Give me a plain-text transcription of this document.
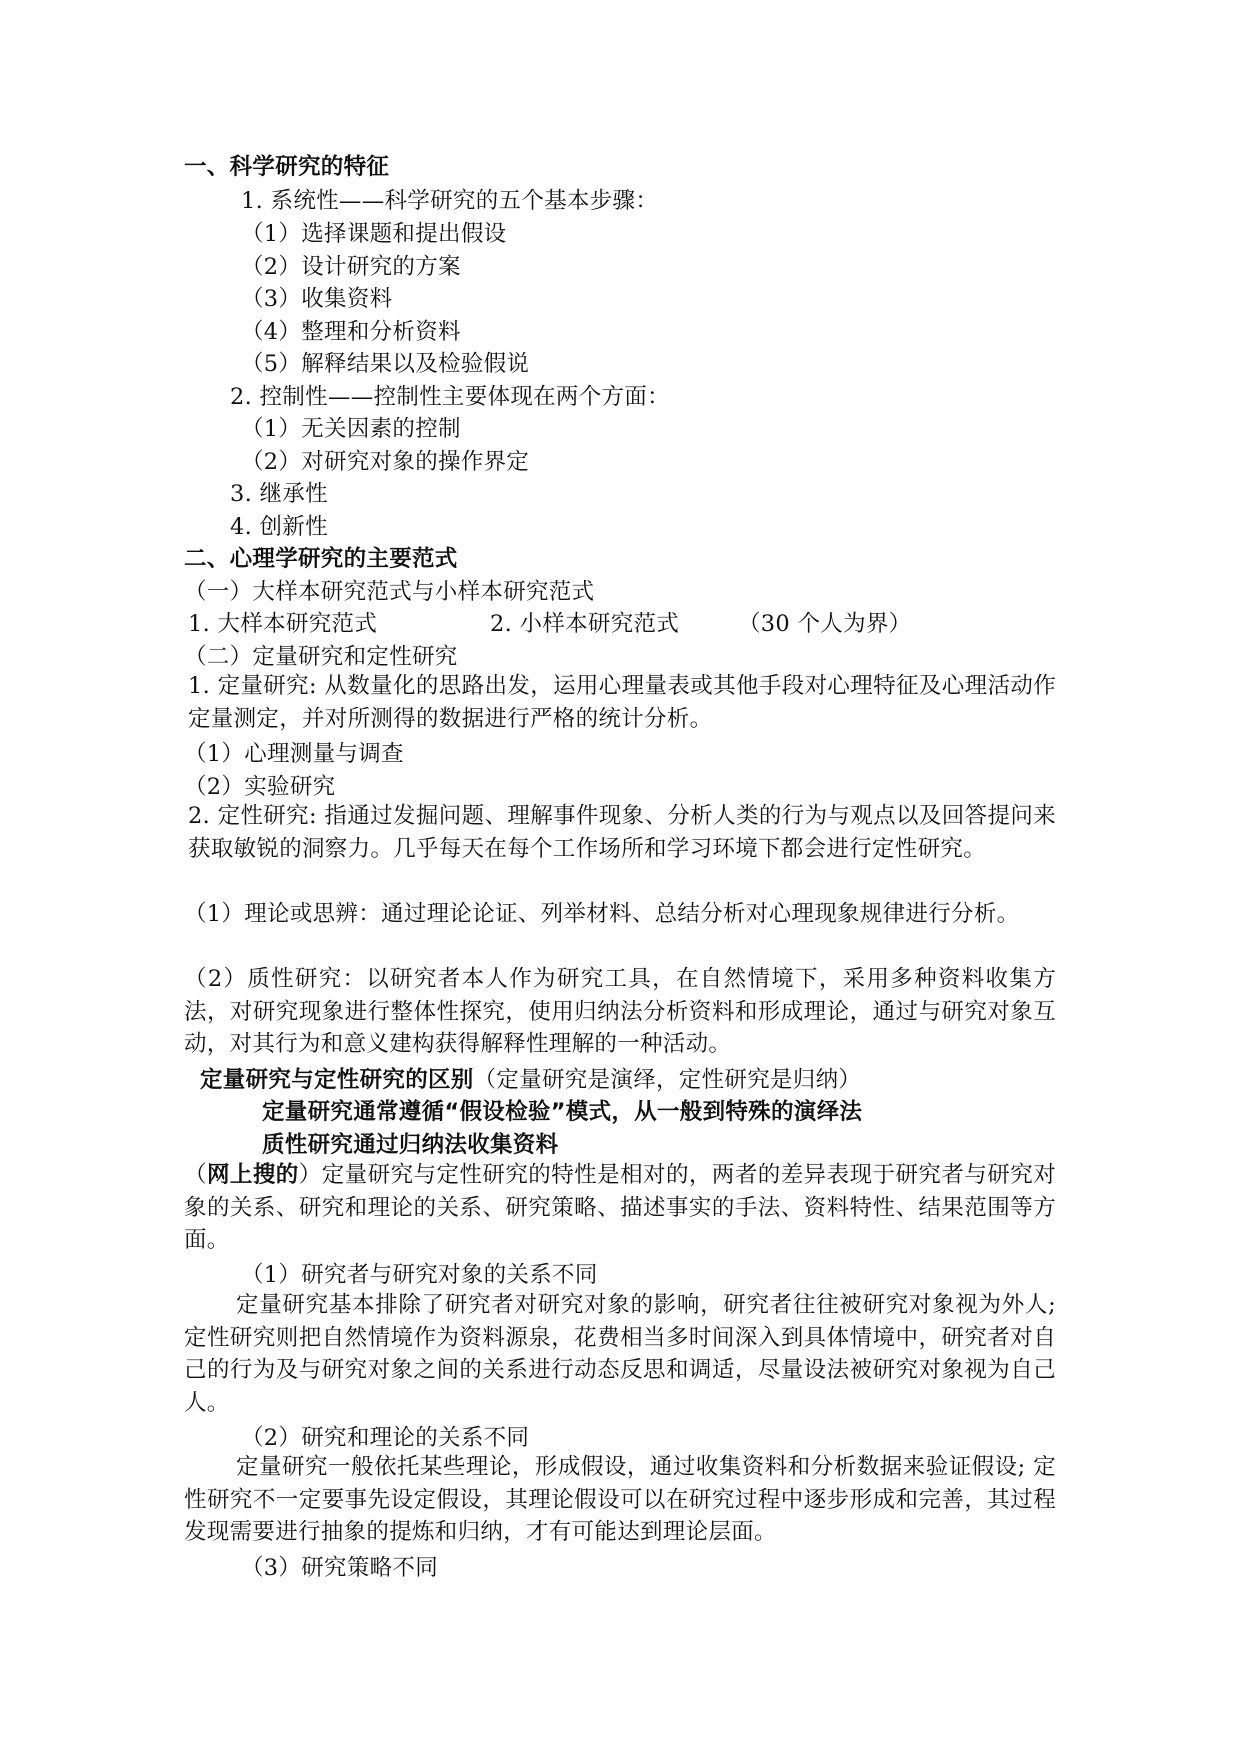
一、科学研究的特征
1. 系统性——科学研究的五个基本步骤：
（1）选择课题和提出假设
（2）设计研究的方案
（3）收集资料
（4）整理和分析资料
（5）解释结果以及检验假说
2. 控制性——控制性主要体现在两个方面：
（1）无关因素的控制
（2）对研究对象的操作界定
3. 继承性
4. 创新性
二、心理学研究的主要范式
（一）大样本研究范式与小样本研究范式
1. 大样本研究范式	2. 小样本研究范式	（30 个人为界）
（二）定量研究和定性研究
1. 定量研究: 从数量化的思路出发，运用心理量表或其他手段对心理特征及心理活动作定量测定，并对所测得的数据进行严格的统计分析。
（1）心理测量与调查
（2）实验研究
2. 定性研究: 指通过发掘问题、理解事件现象、分析人类的行为与观点以及回答提问来获取敏锐的洞察力。几乎每天在每个工作场所和学习环境下都会进行定性研究。
（1）理论或思辨：通过理论论证、列举材料、总结分析对心理现象规律进行分析。
（2）质性研究：以研究者本人作为研究工具，在自然情境下，采用多种资料收集方法，对研究现象进行整体性探究，使用归纳法分析资料和形成理论，通过与研究对象互动，对其行为和意义建构获得解释性理解的一种活动。
定量研究与定性研究的区别（定量研究是演绎，定性研究是归纳）
定量研究通常遵循“假设检验”模式，从一般到特殊的演绎法
质性研究通过归纳法收集资料
（网上搜的）定量研究与定性研究的特性是相对的，两者的差异表现于研究者与研究对象的关系、研究和理论的关系、研究策略、描述事实的手法、资料特性、结果范围等方面。
（1）研究者与研究对象的关系不同
定量研究基本排除了研究者对研究对象的影响，研究者往往被研究对象视为外人; 定性研究则把自然情境作为资料源泉，花费相当多时间深入到具体情境中，研究者对自己的行为及与研究对象之间的关系进行动态反思和调适，尽量设法被研究对象视为自己人。
（2）研究和理论的关系不同
定量研究一般依托某些理论，形成假设，通过收集资料和分析数据来验证假设; 定性研究不一定要事先设定假设，其理论假设可以在研究过程中逐步形成和完善，其过程发现需要进行抽象的提炼和归纳，才有可能达到理论层面。
（3）研究策略不同
